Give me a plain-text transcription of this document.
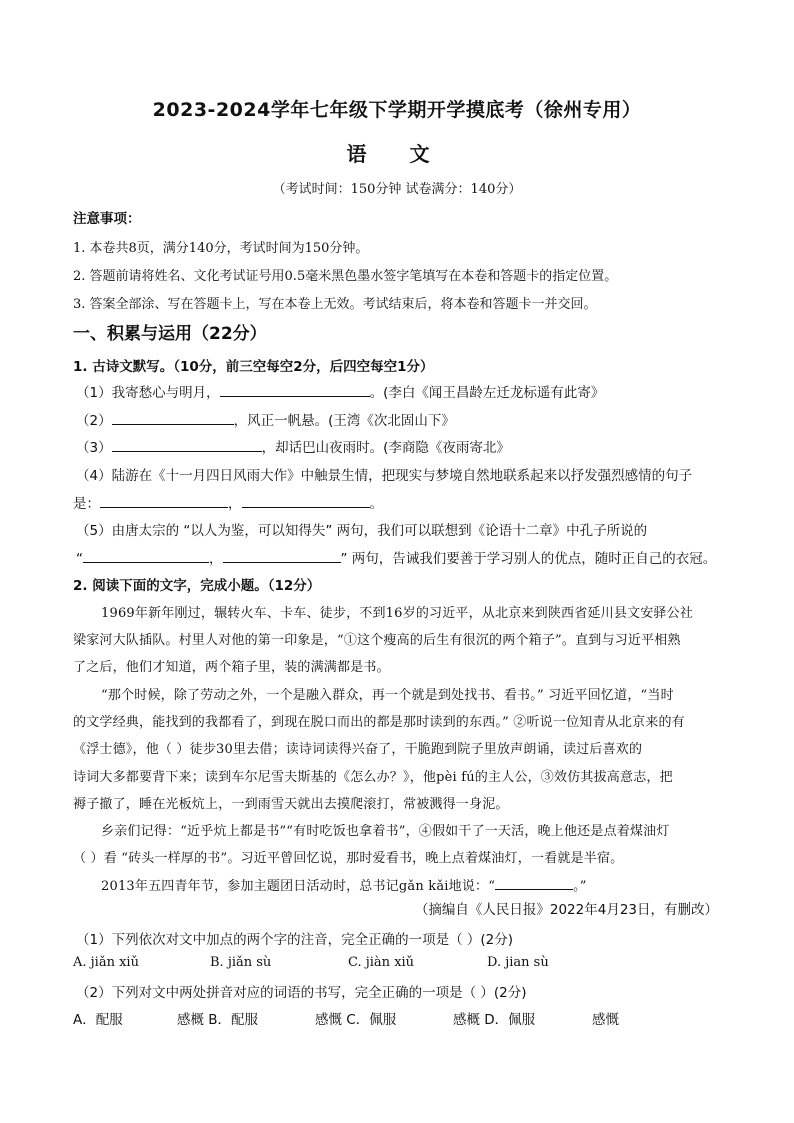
2023-2024学年七年级下学期开学摸底考（徐州专用）
语 文
（考试时间：150分钟 试卷满分：140分）
注意事项：
1. 本卷共8页，满分140分，考试时间为150分钟。
2. 答题前请将姓名、文化考试证号用0.5毫米黑色墨水签字笔填写在本卷和答题卡的指定位置。
3. 答案全部涂、写在答题卡上，写在本卷上无效。考试结束后，将本卷和答题卡一并交回。
一、积累与运用（22分）
1. 古诗文默写。（10分，前三空每空2分，后四空每空1分）
（1）我寄愁心与明月，	。(李白《闻王昌龄左迁龙标遥有此寄》
（2）	，风正一帆悬。(王湾《次北固山下》
（3）	，却话巴山夜雨时。(李商隐《夜雨寄北》
（4）陆游在《十一月四日风雨大作》中触景生情，把现实与梦境自然地联系起来以抒发强烈感情的句子
是：	，	。
（5）由唐太宗的 “以人为鉴，可以知得失” 两句，我们可以联想到《论语十二章》中孔子所说的
“	，	” 两句，告诫我们要善于学习别人的优点，随时正自己的衣冠。
2. 阅读下面的文字，完成小题。（12分）
1969年新年刚过，辗转火车、卡车、徒步，不到16岁的习近平，从北京来到陕西省延川县文安驿公社
梁家河大队插队。村里人对他的第一印象是，“①这个瘦高的后生有很沉的两个箱子”。直到与习近平相熟
了之后，他们才知道，两个箱子里，装的满满都是书。
“那个时候，除了劳动之外，一个是融入群众，再一个就是到处找书、看书。” 习近平回忆道，“当时
的文学经典，能找到的我都看了，到现在脱口而出的都是那时读到的东西。” ②听说一位知青从北京来的有
《浮士德》，他（ ）徒步30里去借；读诗词读得兴奋了，干脆跑到院子里放声朗诵，读过后喜欢的
诗词大多都要背下来；读到车尔尼雪夫斯基的《怎么办？》，他pèi fú的主人公，③效仿其拔高意志，把
褥子撤了，睡在光板炕上，一到雨雪天就出去摸爬滚打，常被溅得一身泥。
乡亲们记得：“近乎炕上都是书”“有时吃饭也拿着书”，④假如干了一天活，晚上他还是点着煤油灯
（ ）看 “砖头一样厚的书”。习近平曾回忆说，那时爱看书，晚上点着煤油灯，一看就是半宿。
2013年五四青年节，参加主题团日活动时，总书记gǎn kǎi地说：“	。”
（摘编自《人民日报》2022年4月23日，有删改）
（1）下列依次对文中加点的两个字的注音，完全正确的一项是（ ）(2分)
A. jiǎn xiǔ	B. jiǎn sù	C. jiàn xiǔ	D. jian sù
（2）下列对文中两处拼音对应的词语的书写，完全正确的一项是（ ）(2分)
A．配服	感概 B．配服	感慨 C．佩服	感概 D．佩服	感慨
